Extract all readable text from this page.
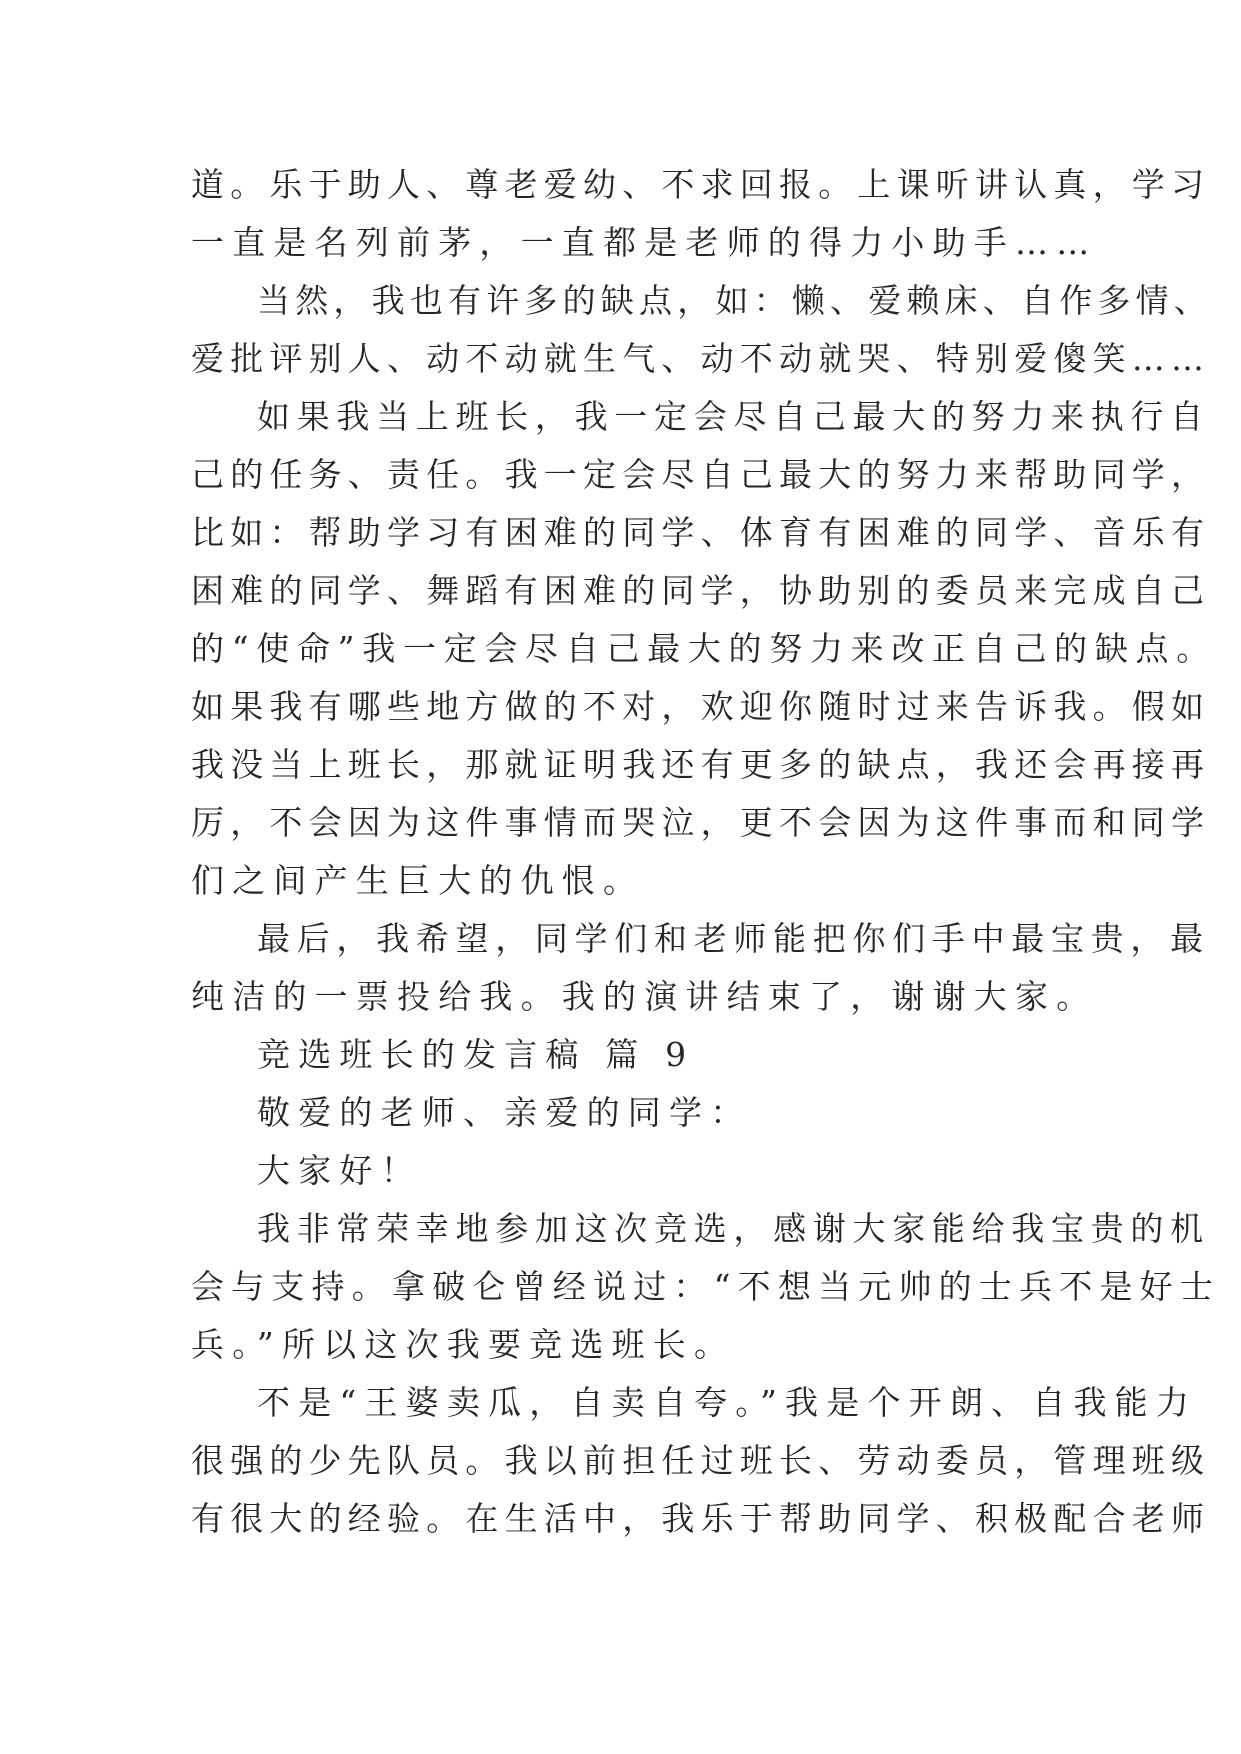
道。乐于助人、尊老爱幼、不求回报。上课听讲认真，学习
一直是名列前茅，一直都是老师的得力小助手……
当然，我也有许多的缺点，如：懒、爱赖床、自作多情、
爱批评别人、动不动就生气、动不动就哭、特别爱傻笑……
如果我当上班长，我一定会尽自己最大的努力来执行自
己的任务、责任。我一定会尽自己最大的努力来帮助同学，
比如：帮助学习有困难的同学、体育有困难的同学、音乐有
困难的同学、舞蹈有困难的同学，协助别的委员来完成自己
的“使命”我一定会尽自己最大的努力来改正自己的缺点。
如果我有哪些地方做的不对，欢迎你随时过来告诉我。假如
我没当上班长，那就证明我还有更多的缺点，我还会再接再
厉，不会因为这件事情而哭泣，更不会因为这件事而和同学
们之间产生巨大的仇恨。
最后，我希望，同学们和老师能把你们手中最宝贵，最
纯洁的一票投给我。我的演讲结束了，谢谢大家。
竞选班长的发言稿 篇 9
敬爱的老师、亲爱的同学：
大家好！
我非常荣幸地参加这次竞选，感谢大家能给我宝贵的机
会与支持。拿破仑曾经说过：“不想当元帅的士兵不是好士
兵。”所以这次我要竞选班长。
不是“王婆卖瓜，自卖自夸。”我是个开朗、自我能力
很强的少先队员。我以前担任过班长、劳动委员，管理班级
有很大的经验。在生活中，我乐于帮助同学、积极配合老师
